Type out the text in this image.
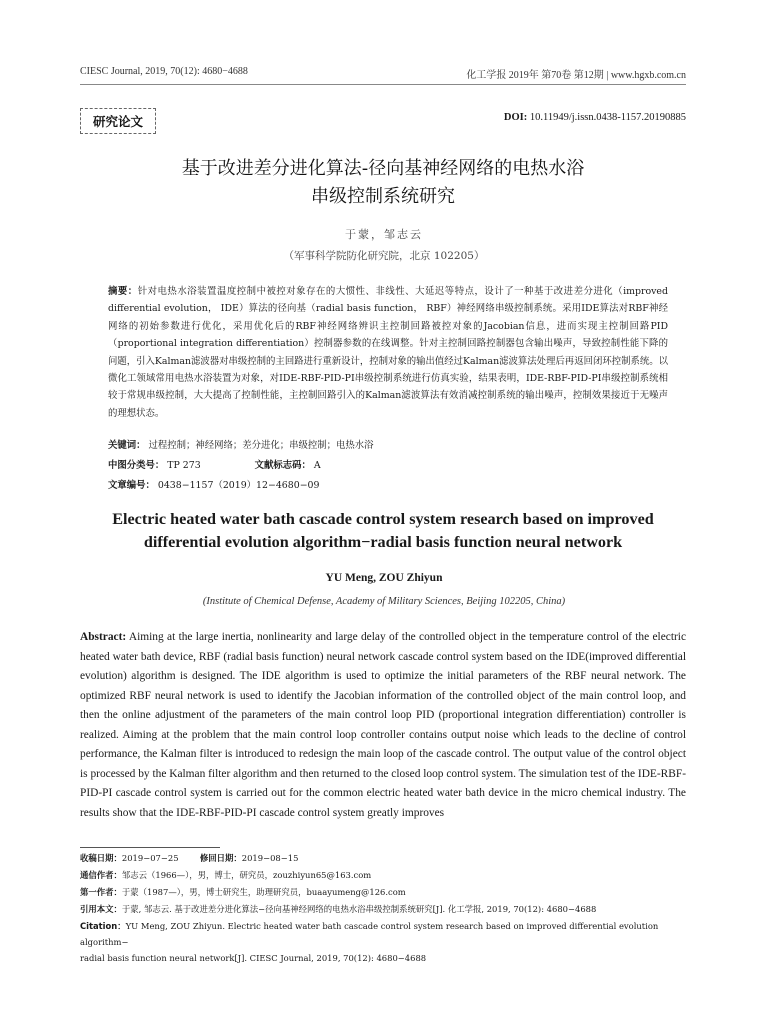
CIESC Journal, 2019, 70(12): 4680−4688	化工学报 2019年 第70卷 第12期 | www.hgxb.com.cn
研究论文	DOI: 10.11949/j.issn.0438-1157.20190885
基于改进差分进化算法-径向基神经网络的电热水浴
串级控制系统研究
于蒙，邹志云
（军事科学院防化研究院，北京 102205）
摘要：针对电热水浴装置温度控制中被控对象存在的大惯性、非线性、大延迟等特点，设计了一种基于改进差分进化（improved differential evolution， IDE）算法的径向基（radial basis function， RBF）神经网络串级控制系统。采用IDE算法对RBF神经网络的初始参数进行优化，采用优化后的RBF神经网络辨识主控制回路被控对象的Jacobian信息，进而实现主控制回路PID（proportional integration differentiation）控制器参数的在线调整。针对主控制回路控制器包含输出噪声，导致控制性能下降的问题，引入Kalman滤波器对串级控制的主回路进行重新设计，控制对象的输出值经过Kalman滤波算法处理后再返回闭环控制系统。以微化工领域常用电热水浴装置为对象，对IDE-RBF-PID-PI串级控制系统进行仿真实验，结果表明，IDE-RBF-PID-PI串级控制系统相较于常规串级控制，大大提高了控制性能，主控制回路引入的Kalman滤波算法有效消减控制系统的输出噪声，控制效果接近于无噪声的理想状态。
关键词： 过程控制；神经网络；差分进化；串级控制；电热水浴
中图分类号： TP 273	文献标志码： A
文章编号： 0438−1157（2019）12−4680−09
Electric heated water bath cascade control system research based on improved
differential evolution algorithm−radial basis function neural network
YU Meng, ZOU Zhiyun
(Institute of Chemical Defense, Academy of Military Sciences, Beijing 102205, China)
Abstract: Aiming at the large inertia, nonlinearity and large delay of the controlled object in the temperature control of the electric heated water bath device, RBF (radial basis function) neural network cascade control system based on the IDE(improved differential evolution) algorithm is designed. The IDE algorithm is used to optimize the initial parameters of the RBF neural network. The optimized RBF neural network is used to identify the Jacobian information of the controlled object of the main control loop, and then the online adjustment of the parameters of the main control loop PID (proportional integration differentiation) controller is realized. Aiming at the problem that the main control loop controller contains output noise which leads to the decline of control performance, the Kalman filter is introduced to redesign the main loop of the cascade control. The output value of the control object is processed by the Kalman filter algorithm and then returned to the closed loop control system. The simulation test of the IDE-RBF-PID-PI cascade control system is carried out for the common electric heated water bath device in the micro chemical industry. The results show that the IDE-RBF-PID-PI cascade control system greatly improves
收稿日期：2019−07−25	修回日期：2019−08−15
通信作者：邹志云（1966—），男，博士，研究员，zouzhiyun65@163.com
第一作者：于蒙（1987—），男，博士研究生，助理研究员，buaayumeng@126.com
引用本文：于蒙, 邹志云. 基于改进差分进化算法−径向基神经网络的电热水浴串级控制系统研究[J]. 化工学报, 2019, 70(12): 4680−4688
Citation：YU Meng, ZOU Zhiyun. Electric heated water bath cascade control system research based on improved differential evolution algorithm−
radial basis function neural network[J]. CIESC Journal, 2019, 70(12): 4680−4688
